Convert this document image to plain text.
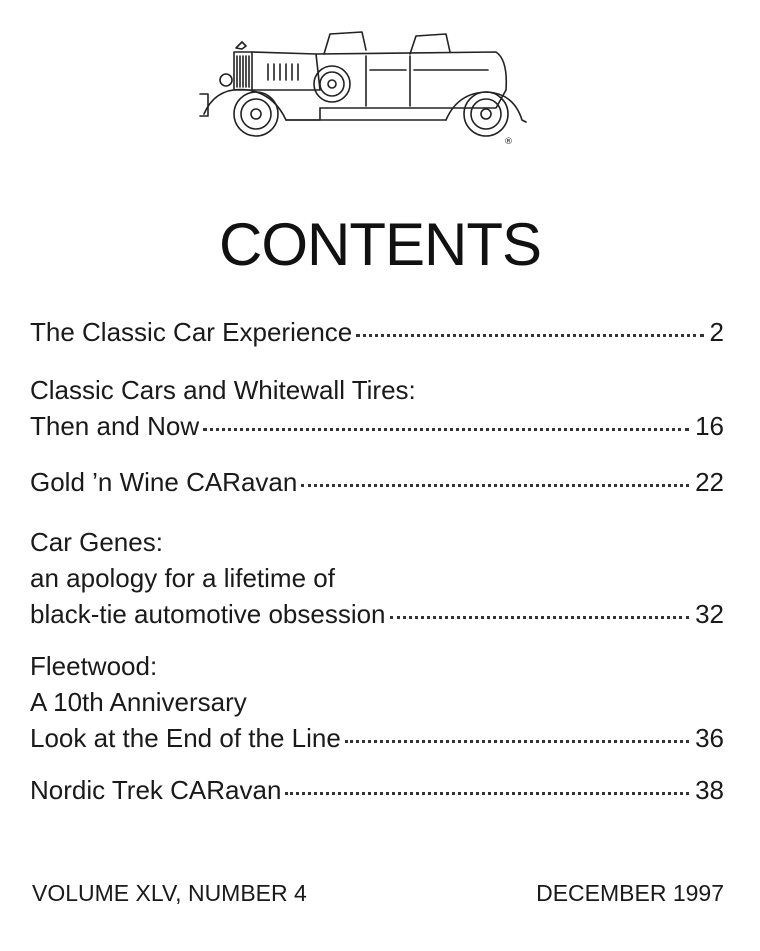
®
CONTENTS
The Classic Car Experience	2
Classic Cars and Whitewall Tires:
Then and Now	16
Gold ’n Wine CARavan	22
Car Genes:
an apology for a lifetime of
black-tie automotive obsession	32
Fleetwood:
A 10th Anniversary
Look at the End of the Line	36
Nordic Trek CARavan	38
VOLUME XLV, NUMBER 4	DECEMBER 1997
